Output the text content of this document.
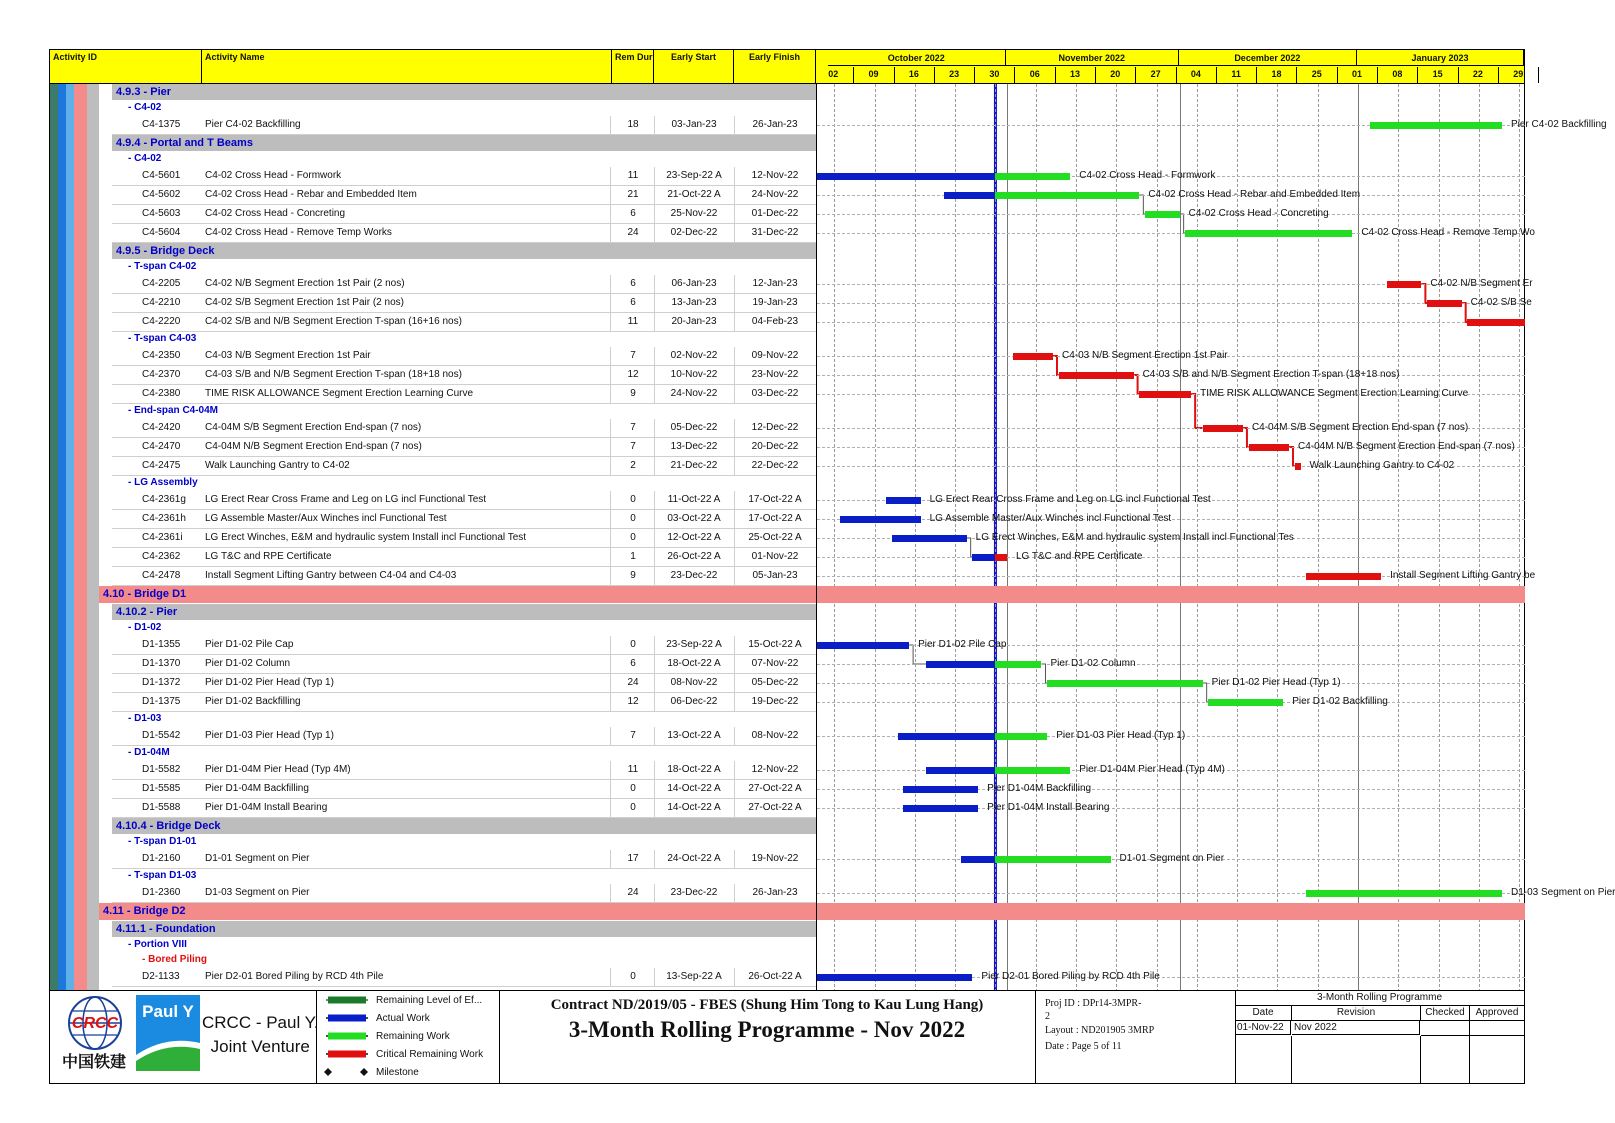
Activity ID	Activity Name	Rem Dur	Early Start	Early Finish	October 2022	November 2022	December 2022	January 2023
02	09	16	23	30	06	13	20	27	04	11	18	25	01	08	15	22	29
4.9.3 - Pier
- C4-02
C4-1375	Pier C4-02 Backfilling	18	03-Jan-23	26-Jan-23
4.9.4 - Portal and T Beams
- C4-02
C4-5601	C4-02 Cross Head - Formwork	11	23-Sep-22 A	12-Nov-22
C4-5602	C4-02 Cross Head - Rebar and Embedded Item	21	21-Oct-22 A	24-Nov-22
C4-5603	C4-02 Cross Head - Concreting	6	25-Nov-22	01-Dec-22
C4-5604	C4-02 Cross Head - Remove Temp Works	24	02-Dec-22	31-Dec-22
4.9.5 - Bridge Deck
- T-span C4-02
C4-2205	C4-02 N/B Segment Erection 1st Pair (2 nos)	6	06-Jan-23	12-Jan-23
C4-2210	C4-02 S/B Segment Erection 1st Pair (2 nos)	6	13-Jan-23	19-Jan-23
C4-2220	C4-02 S/B and N/B Segment Erection T-span (16+16 nos)	11	20-Jan-23	04-Feb-23
- T-span C4-03
C4-2350	C4-03 N/B Segment Erection 1st Pair	7	02-Nov-22	09-Nov-22
C4-2370	C4-03 S/B and N/B Segment Erection T-span (18+18 nos)	12	10-Nov-22	23-Nov-22
C4-2380	TIME RISK ALLOWANCE Segment Erection Learning Curve	9	24-Nov-22	03-Dec-22
- End-span C4-04M
C4-2420	C4-04M S/B Segment Erection End-span (7 nos)	7	05-Dec-22	12-Dec-22
C4-2470	C4-04M N/B Segment Erection End-span (7 nos)	7	13-Dec-22	20-Dec-22
C4-2475	Walk Launching Gantry to C4-02	2	21-Dec-22	22-Dec-22
- LG Assembly
C4-2361g	LG Erect Rear Cross Frame and Leg on LG incl Functional Test	0	11-Oct-22 A	17-Oct-22 A
C4-2361h	LG Assemble Master/Aux Winches incl Functional Test	0	03-Oct-22 A	17-Oct-22 A
C4-2361i	LG Erect Winches, E&M and hydraulic system Install incl Functional Test	0	12-Oct-22 A	25-Oct-22 A
C4-2362	LG T&C and RPE Certificate	1	26-Oct-22 A	01-Nov-22
C4-2478	Install Segment Lifting Gantry between C4-04 and C4-03	9	23-Dec-22	05-Jan-23
4.10 - Bridge D1
4.10.2 - Pier
- D1-02
D1-1355	Pier D1-02 Pile Cap	0	23-Sep-22 A	15-Oct-22 A
D1-1370	Pier D1-02 Column	6	18-Oct-22 A	07-Nov-22
D1-1372	Pier D1-02 Pier Head (Typ 1)	24	08-Nov-22	05-Dec-22
D1-1375	Pier D1-02 Backfilling	12	06-Dec-22	19-Dec-22
- D1-03
D1-5542	Pier D1-03 Pier Head (Typ 1)	7	13-Oct-22 A	08-Nov-22
- D1-04M
D1-5582	Pier D1-04M Pier Head (Typ 4M)	11	18-Oct-22 A	12-Nov-22
D1-5585	Pier D1-04M Backfilling	0	14-Oct-22 A	27-Oct-22 A
D1-5588	Pier D1-04M Install Bearing	0	14-Oct-22 A	27-Oct-22 A
4.10.4 - Bridge Deck
- T-span D1-01
D1-2160	D1-01 Segment on Pier	17	24-Oct-22 A	19-Nov-22
- T-span D1-03
D1-2360	D1-03 Segment on Pier	24	23-Dec-22	26-Jan-23
4.11 - Bridge D2
4.11.1 - Foundation
- Portion VIII
- Bored Piling
D2-1133	Pier D2-01 Bored Piling by RCD 4th Pile	0	13-Sep-22 A	26-Oct-22 A
Pier C4-02 Backfilling
C4-02 Cross Head - Formwork
C4-02 Cross Head - Rebar and Embedded Item
C4-02 Cross Head - Concreting
C4-02 Cross Head - Remove Temp Wo
C4-02 N/B Segment Er
C4-02 S/B Se
C4-03 N/B Segment Erection 1st Pair
C4-03 S/B and N/B Segment Erection T-span (18+18 nos)
TIME RISK ALLOWANCE Segment Erection Learning Curve
C4-04M S/B Segment Erection End-span (7 nos)
C4-04M N/B Segment Erection End-span (7 nos)
Walk Launching Gantry to C4-02
LG Erect Rear Cross Frame and Leg on LG incl Functional Test
LG Assemble Master/Aux Winches incl Functional Test
LG Erect Winches, E&M and hydraulic system Install incl Functional Tes
LG T&C and RPE Certificate
Install Segment Lifting Gantry be
Pier D1-02 Pile Cap
Pier D1-02 Column
Pier D1-02 Pier Head (Typ 1)
Pier D1-02 Backfilling
Pier D1-03 Pier Head (Typ 1)
Pier D1-04M Pier Head (Typ 4M)
Pier D1-04M Backfilling
Pier D1-04M Install Bearing
D1-01 Segment on Pier
D1-03 Segment on Pier
Pier D2-01 Bored Piling by RCD 4th Pile
CRCC
中国铁建
Paul Y
CRCC - Paul Y.
Joint Venture
Remaining Level of Ef...
Actual Work
Remaining Work
Critical Remaining Work
Milestone
Contract ND/2019/05 - FBES (Shung Him Tong to Kau Lung Hang)
3-Month Rolling Programme - Nov 2022
Proj ID : DPr14-3MPR-
2
Layout : ND201905 3MRP
Date : Page 5 of 11
3-Month Rolling Programme
Date	Revision	Checked	Approved
01-Nov-22	Nov 2022
